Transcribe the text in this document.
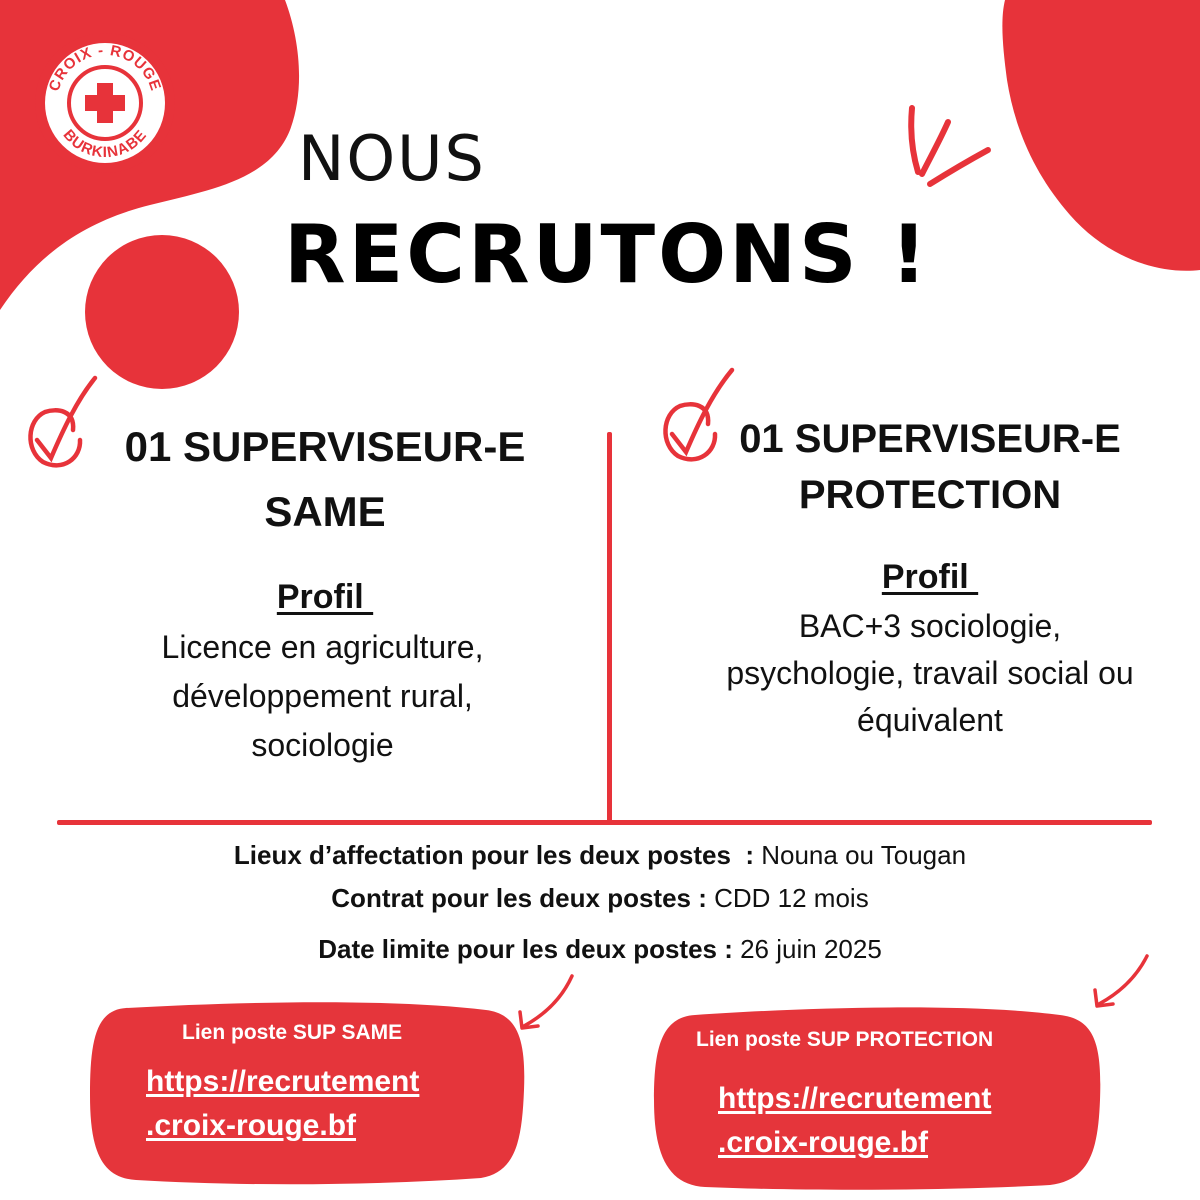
CROIX - ROUGE
BURKINABE NOUS
RECRUTONS !
01 SUPERVISEUR-E
SAME
Profil
Licence en agriculture,
développement rural,
sociologie
01 SUPERVISEUR-E
PROTECTION
Profil
BAC+3 sociologie,
psychologie, travail social ou
équivalent
Lieux d’affectation pour les deux postes  : Nouna ou Tougan
Contrat pour les deux postes : CDD 12 mois
Date limite pour les deux postes : 26 juin 2025
Lien poste SUP SAME
https://recrutement
.croix-rouge.bf
Lien poste SUP PROTECTION
https://recrutement
.croix-rouge.bf
